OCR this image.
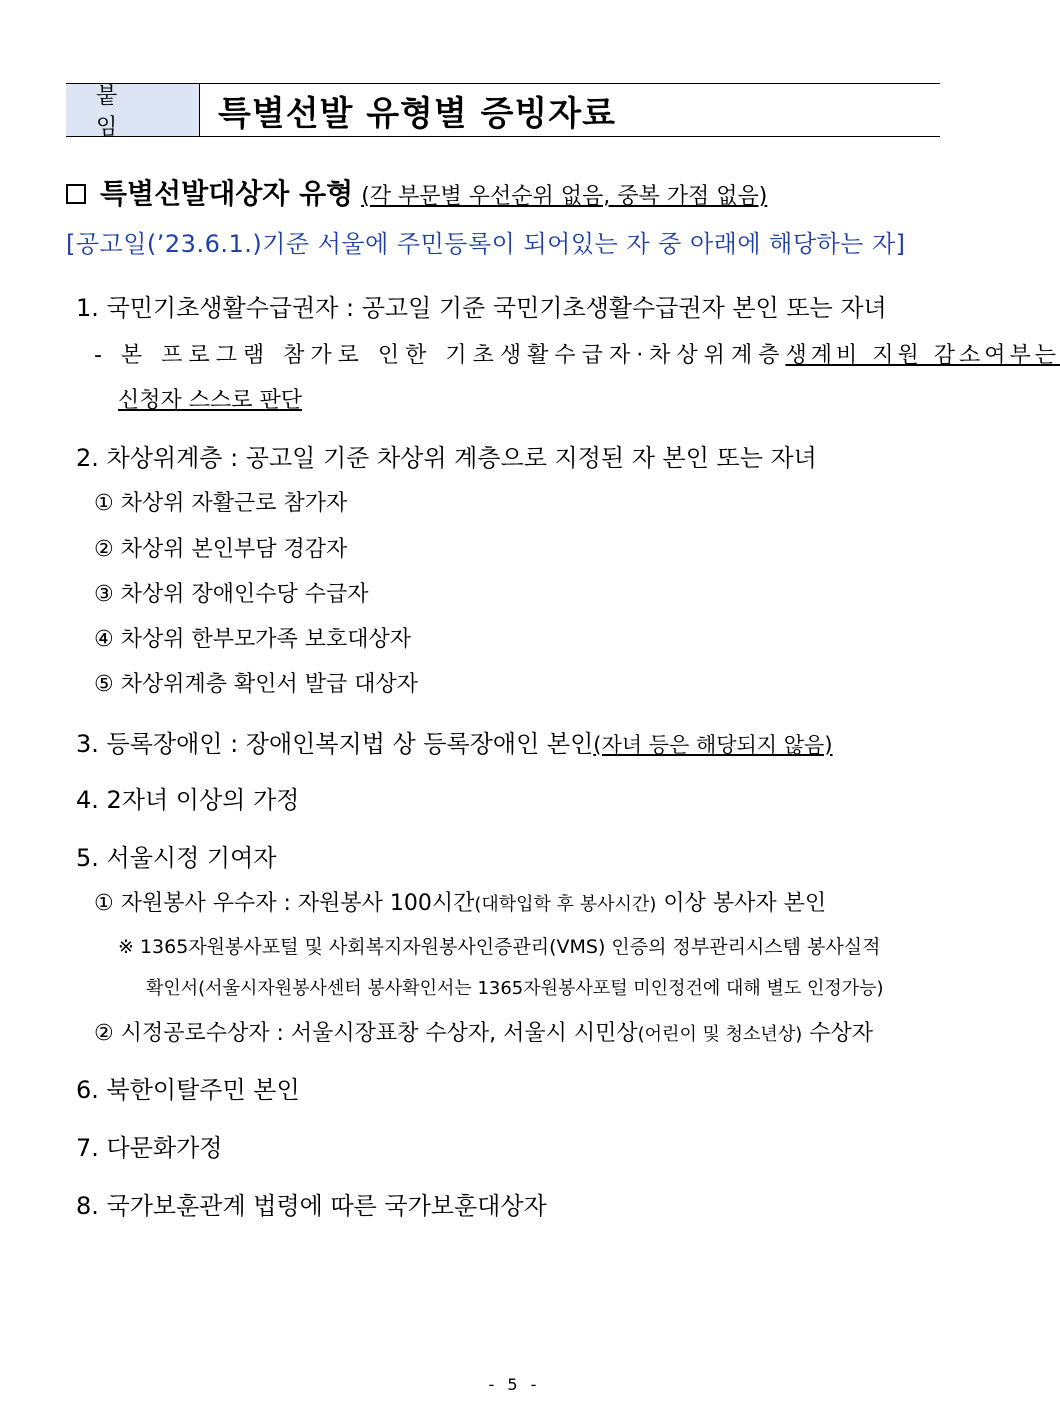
붙 임	특별선발 유형별 증빙자료
특별선발대상자 유형 (각 부문별 우선순위 없음, 중복 가점 없음)
[공고일(’23.6.1.)기준 서울에 주민등록이 되어있는 자 중 아래에 해당하는 자]
1. 국민기초생활수급권자 : 공고일 기준 국민기초생활수급권자 본인 또는 자녀
- 본 프로그램 참가로 인한 기초생활수급자·차상위계층 생계비 지원 감소여부는
신청자 스스로 판단
2. 차상위계층 : 공고일 기준 차상위 계층으로 지정된 자 본인 또는 자녀
① 차상위 자활근로 참가자
② 차상위 본인부담 경감자
③ 차상위 장애인수당 수급자
④ 차상위 한부모가족 보호대상자
⑤ 차상위계층 확인서 발급 대상자
3. 등록장애인 : 장애인복지법 상 등록장애인 본인(자녀 등은 해당되지 않음)
4. 2자녀 이상의 가정
5. 서울시정 기여자
① 자원봉사 우수자 : 자원봉사 100시간(대학입학 후 봉사시간) 이상 봉사자 본인
※ 1365자원봉사포털 및 사회복지자원봉사인증관리(VMS) 인증의 정부관리시스템 봉사실적
확인서(서울시자원봉사센터 봉사확인서는 1365자원봉사포털 미인정건에 대해 별도 인정가능)
② 시정공로수상자 : 서울시장표창 수상자, 서울시 시민상(어린이 및 청소년상) 수상자
6. 북한이탈주민 본인
7. 다문화가정
8. 국가보훈관계 법령에 따른 국가보훈대상자
- 5 -
